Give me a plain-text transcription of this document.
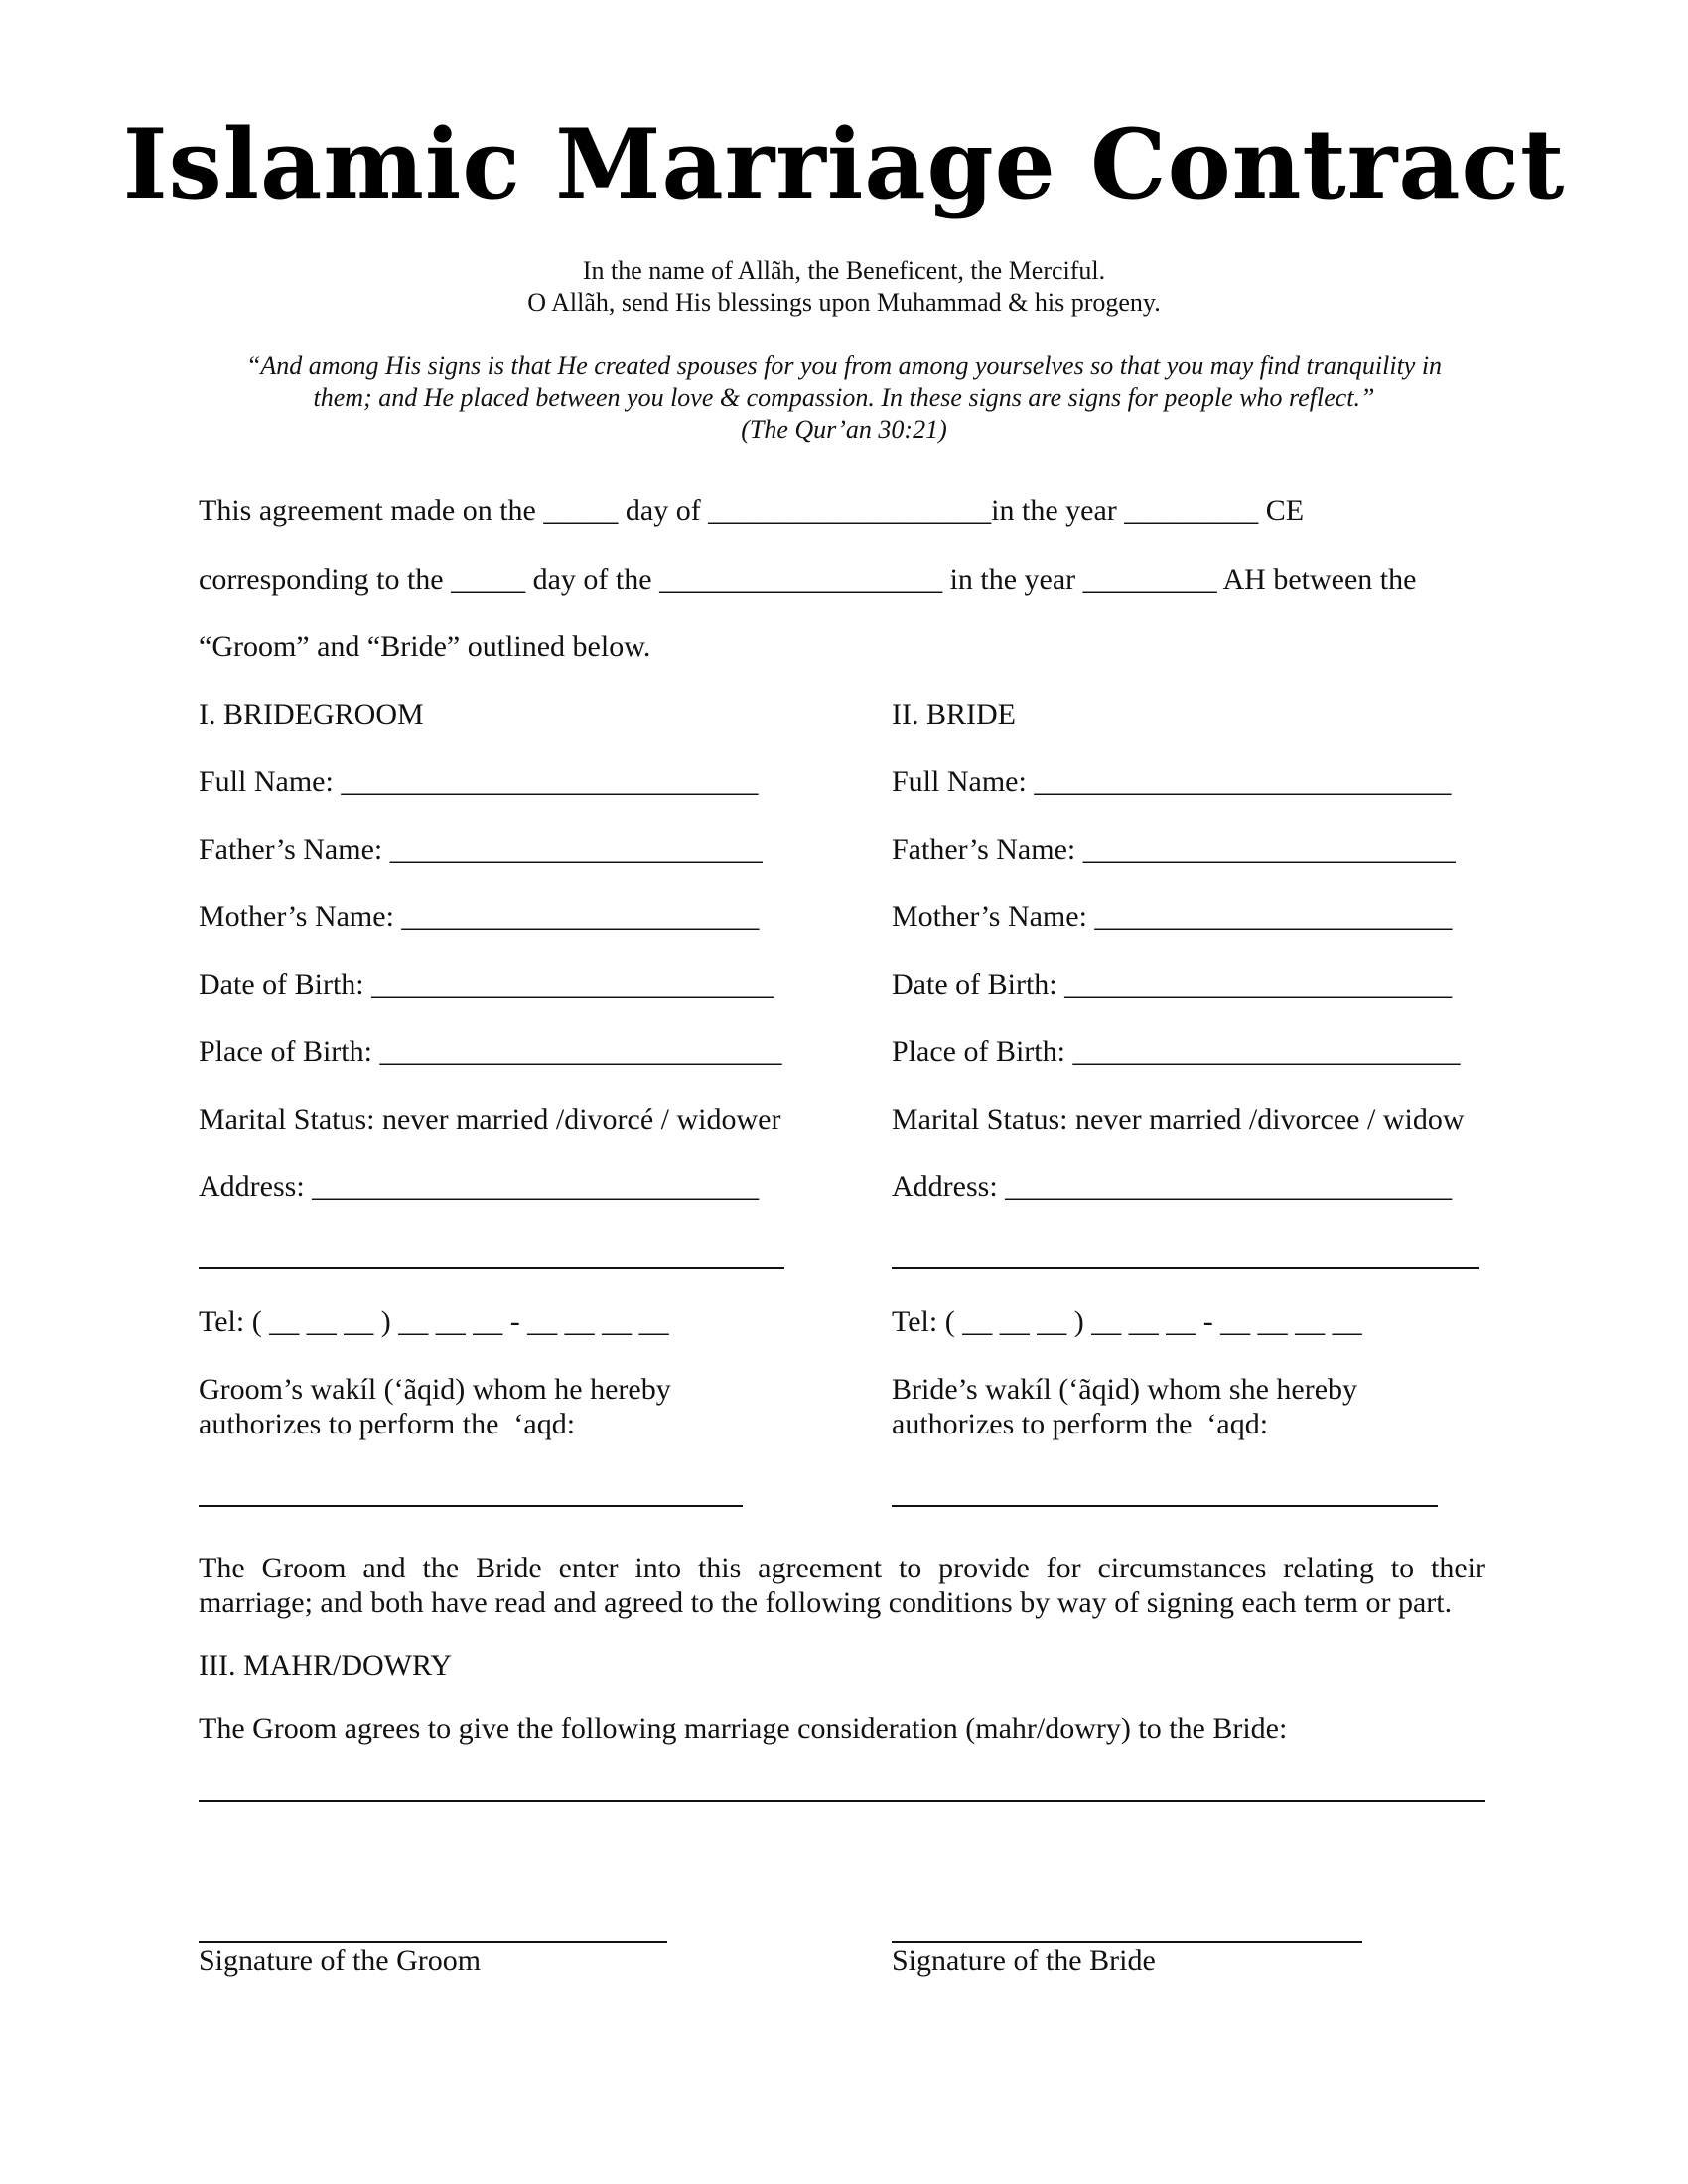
Islamic Marriage Contract
In the name of Allãh, the Beneficent, the Merciful.
O Allãh, send His blessings upon Muhammad & his progeny.
“And among His signs is that He created spouses for you from among yourselves so that you may find tranquility in
them; and He placed between you love & compassion. In these signs are signs for people who reflect.”
(The Qur’an 30:21)
This agreement made on the _____ day of ___________________in the year _________ CE
corresponding to the _____ day of the ___________________ in the year _________ AH between the
“Groom” and “Bride” outlined below.
I. BRIDEGROOM
Full Name: ____________________________
Father’s Name: _________________________
Mother’s Name: ________________________
Date of Birth: ___________________________
Place of Birth: ___________________________
Marital Status: never married /divorcé / widower
Address: ______________________________
Tel: ( __ __ __ ) __ __ __ - __ __ __ __
Groom’s wakíl (‘ãqid) whom he hereby
authorizes to perform the  ‘aqd:
II. BRIDE
Full Name: ____________________________
Father’s Name: _________________________
Mother’s Name: ________________________
Date of Birth: __________________________
Place of Birth: __________________________
Marital Status: never married /divorcee / widow
Address: ______________________________
Tel: ( __ __ __ ) __ __ __ - __ __ __ __
Bride’s wakíl (‘ãqid) whom she hereby
authorizes to perform the  ‘aqd:
The Groom and the Bride enter into this agreement to provide for circumstances relating to their
marriage; and both have read and agreed to the following conditions by way of signing each term or part.
III. MAHR/DOWRY
The Groom agrees to give the following marriage consideration (mahr/dowry) to the Bride:
Signature of the Groom	Signature of the Bride
